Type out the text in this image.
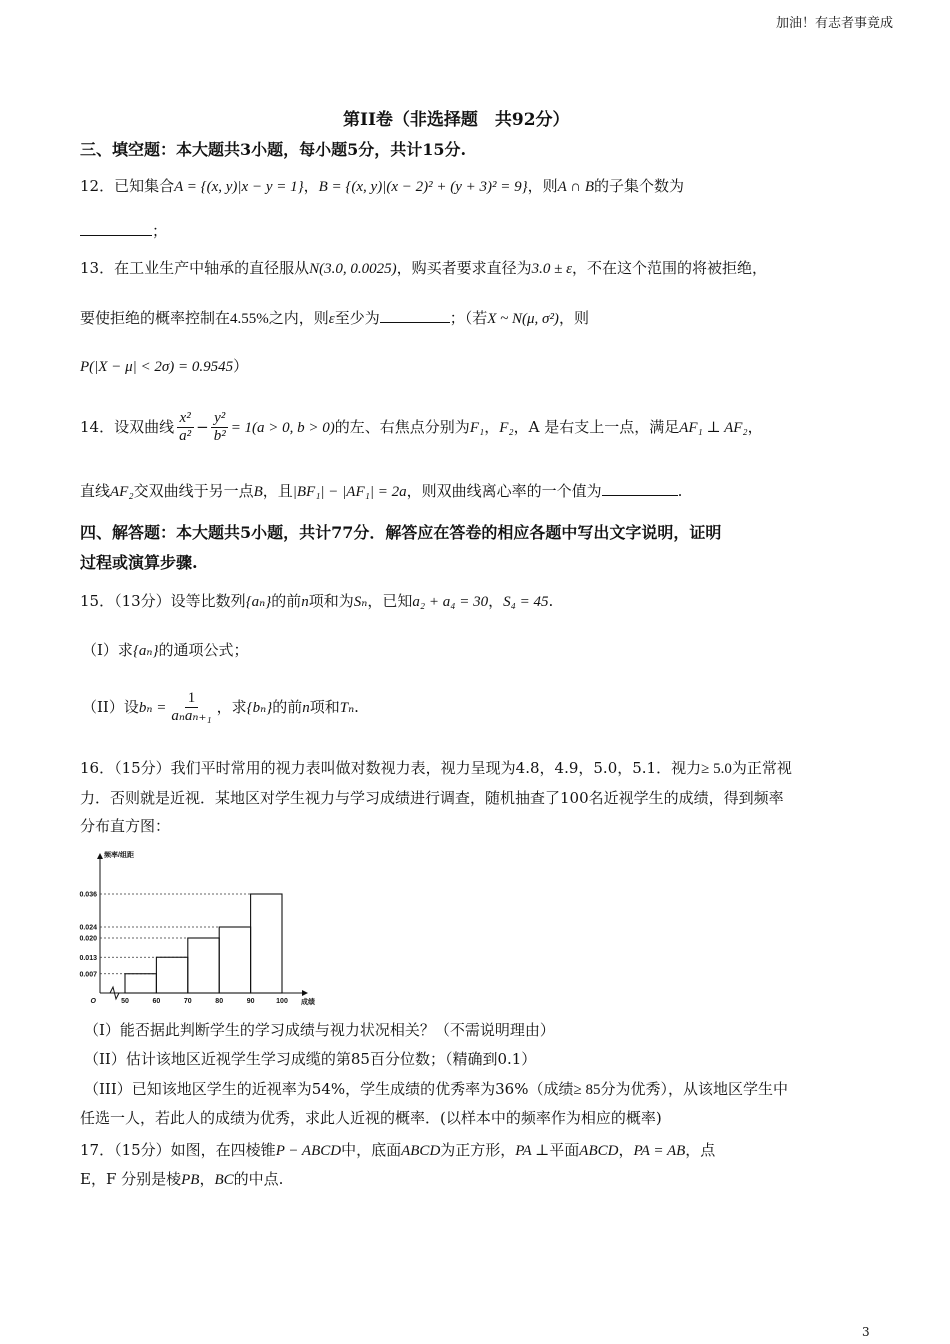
加油！有志者事竟成
第II卷（非选择题　共92分）
三、填空题：本大题共3小题，每小题5分，共计15分.
12．已知集合A = {(x, y)|x − y = 1}，B = {(x, y)|(x − 2)² + (y + 3)² = 9}，则A ∩ B的子集个数为
；
13．在工业生产中轴承的直径服从N(3.0, 0.0025)，购买者要求直径为3.0 ± ε，不在这个范围的将被拒绝，
要使拒绝的概率控制在4.55%之内，则ε至少为	；（若X ~ N(μ, σ²)，则
P(|X − μ| < 2σ) = 0.9545）
14．设双曲线 $\frac{\text{x²}}{\text{a²}} - \frac{\text{y²}}{\text{b²}} = 1(a > 0$, b > 0)的左、右焦点分别为F₁，F₂，A 是右支上一点，满足AF₁ ⊥ AF₂，
直线AF₂交双曲线于另一点B，且|BF₁| − |AF₁| = 2a，则双曲线离心率的一个值为	.
四、解答题：本大题共5小题，共计77分．解答应在答卷的相应各题中写出文字说明，证明
过程或演算步骤.
15．（13分）设等比数列{aₙ}的前n项和为Sₙ，已知a₂ + a₄ = 30，S₄ = 45.
（I）求{aₙ}的通项公式；
（II）设$b_n = \frac{1}{\text{aₙaₙ₊₁}}$ ，求{bₙ}的前n项和Tₙ.
16．（15分）我们平时常用的视力表叫做对数视力表，视力呈现为4.8，4.9，5.0，5.1．视力≥ 5.0为正常视
力．否则就是近视．某地区对学生视力与学习成绩进行调查，随机抽查了100名近视学生的成绩，得到频率
分布直方图：
0.036
0.024
0.020
0.013
0.007
50	60	70	80	90	100
O
频率/组距
成绩
（I）能否据此判断学生的学习成绩与视力状况相关？（不需说明理由）
（II）估计该地区近视学生学习成缆的第85百分位数；（精确到0.1）
（III）已知该地区学生的近视率为54%，学生成绩的优秀率为36%（成绩≥ 85分为优秀），从该地区学生中
任选一人，若此人的成绩为优秀，求此人近视的概率．(以样本中的频率作为相应的概率)
17．（15分）如图，在四棱锥P − ABCD中，底面ABCD为正方形，PA ⊥平面ABCD，PA = AB，点
E，F 分别是棱PB，BC的中点.
3
